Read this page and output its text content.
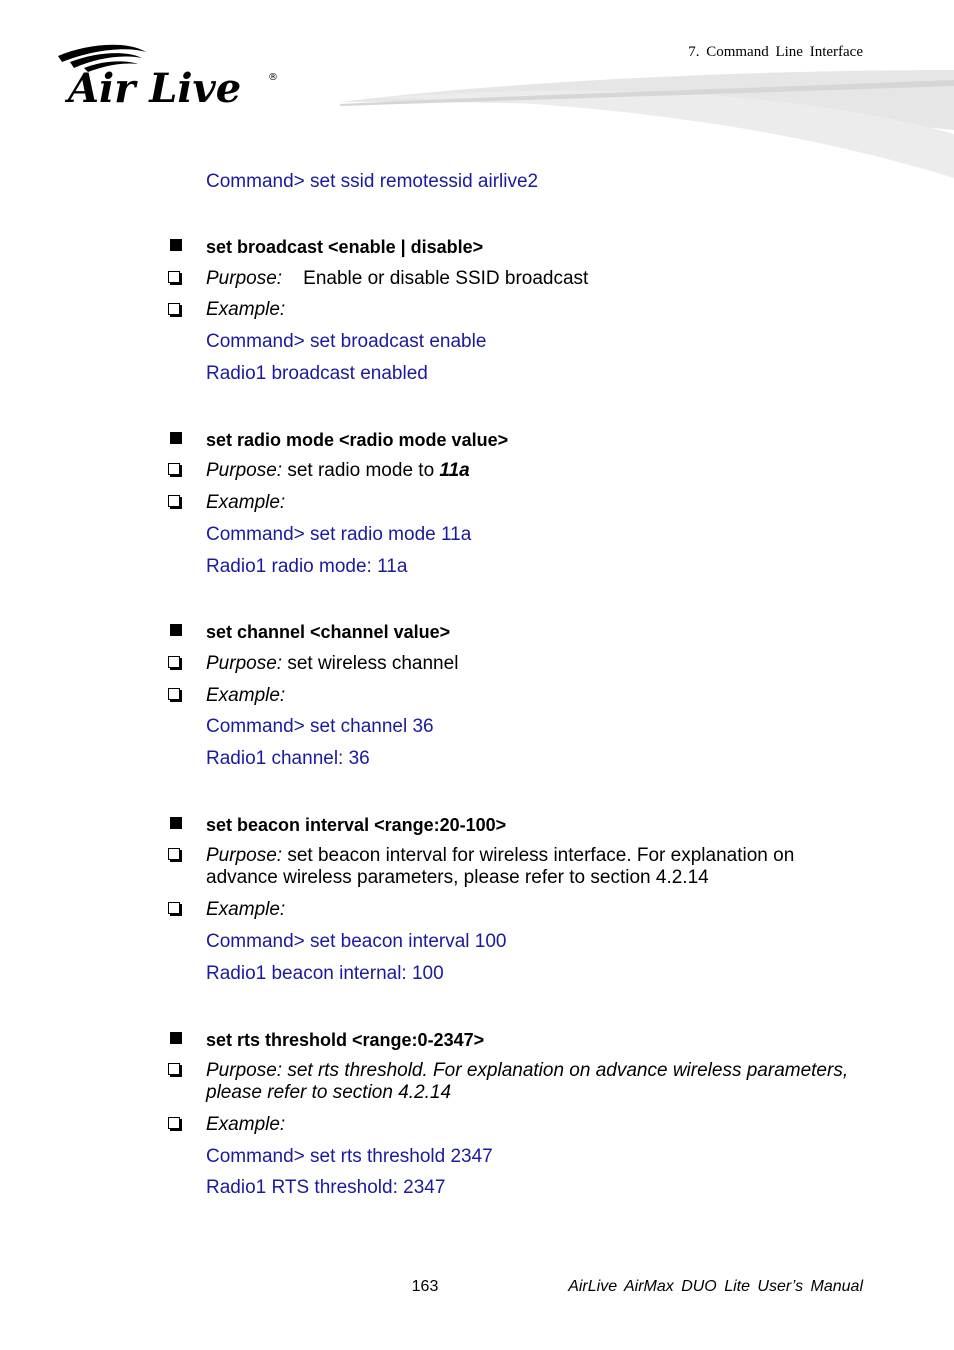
7. Command Line Interface
Air Live	®
Command> set ssid remotessid airlive2
set broadcast <enable | disable>
Purpose: Enable or disable SSID broadcast
Example:
Command> set broadcast enable
Radio1 broadcast enabled
set radio mode <radio mode value>
Purpose: set radio mode to 11a
Example:
Command> set radio mode 11a
Radio1 radio mode: 11a
set channel <channel value>
Purpose: set wireless channel
Example:
Command> set channel 36
Radio1 channel: 36
set beacon interval <range:20-100>
Purpose: set beacon interval for wireless interface. For explanation on advance wireless parameters, please refer to section 4.2.14
Example:
Command> set beacon interval 100
Radio1 beacon internal: 100
set rts threshold <range:0-2347>
Purpose: set rts threshold. For explanation on advance wireless parameters, please refer to section 4.2.14
Example:
Command> set rts threshold 2347
Radio1 RTS threshold: 2347
163	AirLive AirMax DUO Lite User’s Manual
